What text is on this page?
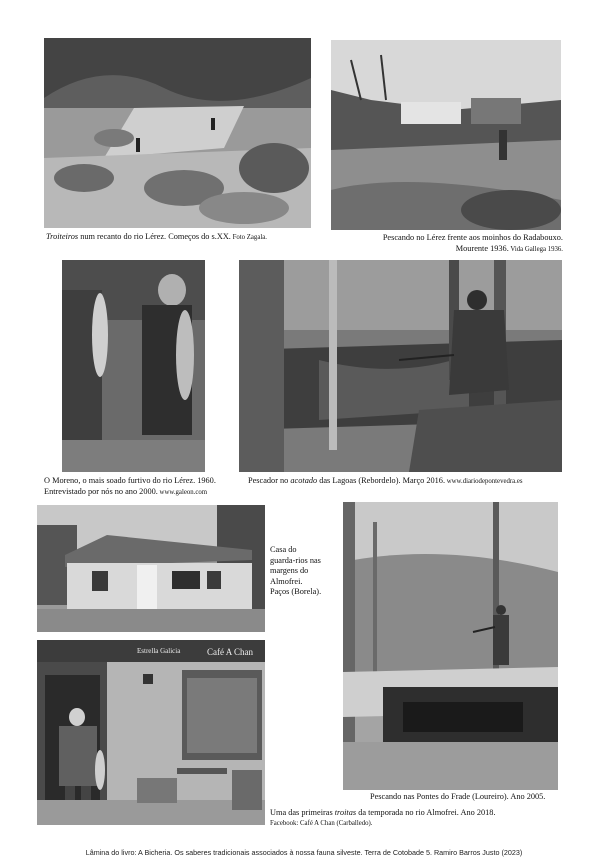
Troiteiros num recanto do rio Lérez. Começos do s.XX. Foto Zagala.	Pescando no Lérez frente aos moinhos do Radabouxo.
Mourente 1936. Vida Gallega 1936.
O Moreno, o mais soado furtivo do rio Lérez. 1960.
Entrevistado por nós no ano 2000. www.galeon.com
Pescador no acotado das Lagoas (Rebordelo). Março 2016. www.diariodepontevedra.es
Casa do
guarda-rios nas
margens do
Almofrei.
Paços (Borela).
Pescando nas Pontes do Frade (Loureiro). Ano 2005.
Estrella Galicia	Café A Chan
Uma das primeiras troitas da temporada no rio Almofrei. Ano 2018.
Facebook: Café A Chan (Carballedo).
Lâmina do livro: A Bicheria. Os saberes tradicionais associados à nossa fauna silveste. Terra de Cotobade 5. Ramiro Barros Justo (2023)
